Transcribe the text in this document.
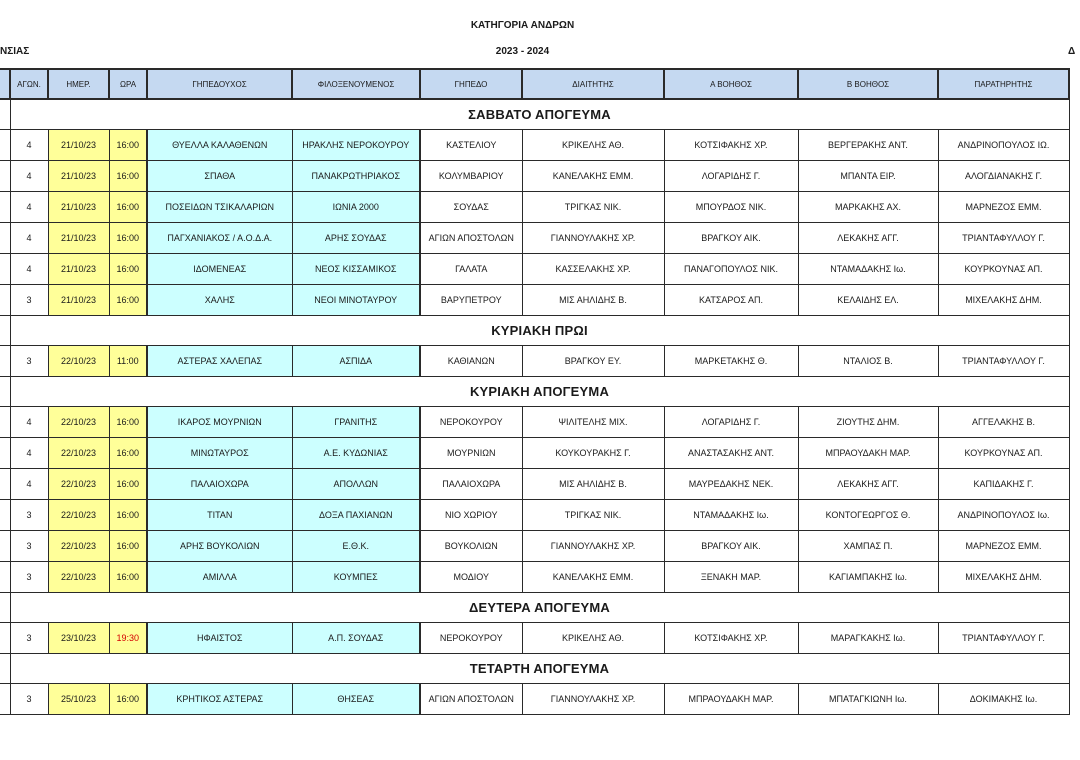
ΚΑΤΗΓΟΡΙΑ ΑΝΔΡΩΝ
ΝΣΙΑΣ	2023 - 2024	Δ
	ΑΓΩΝ.	ΗΜΕΡ.	ΩΡΑ	ΓΗΠΕΔΟΥΧΟΣ	ΦΙΛΟΞΕΝΟΥΜΕΝΟΣ	ΓΗΠΕΔΟ	ΔΙΑΙΤΗΤΗΣ	Α ΒΟΗΘΟΣ	Β ΒΟΗΘΟΣ	ΠΑΡΑΤΗΡΗΤΗΣ
	ΣΑΒΒΑΤΟ ΑΠΟΓΕΥΜΑ									
	4	21/10/23	16:00	ΘΥΕΛΛΑ ΚΑΛΑΘΕΝΩΝ	ΗΡΑΚΛΗΣ ΝΕΡΟΚΟΥΡΟΥ	ΚΑΣΤΕΛΙΟΥ	ΚΡΙΚΕΛΗΣ ΑΘ.	ΚΟΤΣΙΦΑΚΗΣ ΧΡ.	ΒΕΡΓΕΡΑΚΗΣ ΑΝΤ.	ΑΝΔΡΙΝΟΠΟΥΛΟΣ ΙΩ.
	4	21/10/23	16:00	ΣΠΑΘΑ	ΠΑΝΑΚΡΩΤΗΡΙΑΚΟΣ	ΚΟΛΥΜΒΑΡΙΟΥ	ΚΑΝΕΛΑΚΗΣ ΕΜΜ.	ΛΟΓΑΡΙΔΗΣ Γ.	ΜΠΑΝΤΑ ΕΙΡ.	ΑΛΟΓΔΙΑΝΑΚΗΣ Γ.
	4	21/10/23	16:00	ΠΟΣΕΙΔΩΝ ΤΣΙΚΑΛΑΡΙΩΝ	ΙΩΝΙΑ 2000	ΣΟΥΔΑΣ	ΤΡΙΓΚΑΣ ΝΙΚ.	ΜΠΟΥΡΔΟΣ ΝΙΚ.	ΜΑΡΚΑΚΗΣ ΑΧ.	ΜΑΡΝΕΖΟΣ ΕΜΜ.
	4	21/10/23	16:00	ΠΑΓΧΑΝΙΑΚΟΣ / Α.Ο.Δ.Α.	ΑΡΗΣ ΣΟΥΔΑΣ	ΑΓΙΩΝ ΑΠΟΣΤΟΛΩΝ	ΓΙΑΝΝΟΥΛΑΚΗΣ ΧΡ.	ΒΡΑΓΚΟΥ ΑΙΚ.	ΛΕΚΑΚΗΣ ΑΓΓ.	ΤΡΙΑΝΤΑΦΥΛΛΟΥ Γ.
	4	21/10/23	16:00	ΙΔΟΜΕΝΕΑΣ	ΝΕΟΣ ΚΙΣΣΑΜΙΚΟΣ	ΓΑΛΑΤΑ	ΚΑΣΣΕΛΑΚΗΣ ΧΡ.	ΠΑΝΑΓΟΠΟΥΛΟΣ ΝΙΚ.	ΝΤΑΜΑΔΑΚΗΣ Ιω.	ΚΟΥΡΚΟΥΝΑΣ ΑΠ.
	3	21/10/23	16:00	ΧΑΛΗΣ	ΝΕΟΙ ΜΙΝΟΤΑΥΡΟΥ	ΒΑΡΥΠΕΤΡΟΥ	ΜΙΣ ΑΗΛΙΔΗΣ Β.	ΚΑΤΣΑΡΟΣ ΑΠ.	ΚΕΛΑΙΔΗΣ ΕΛ.	ΜΙΧΕΛΑΚΗΣ ΔΗΜ.
	ΚΥΡΙΑΚΗ ΠΡΩΙ									
	3	22/10/23	11:00	ΑΣΤΕΡΑΣ ΧΑΛΕΠΑΣ	ΑΣΠΙΔΑ	ΚΑΘΙΑΝΩΝ	ΒΡΑΓΚΟΥ ΕΥ.	ΜΑΡΚΕΤΑΚΗΣ Θ.	ΝΤΑΛΙΟΣ Β.	ΤΡΙΑΝΤΑΦΥΛΛΟΥ Γ.
	ΚΥΡΙΑΚΗ ΑΠΟΓΕΥΜΑ									
	4	22/10/23	16:00	ΙΚΑΡΟΣ ΜΟΥΡΝΙΩΝ	ΓΡΑΝΙΤΗΣ	ΝΕΡΟΚΟΥΡΟΥ	ΨΙΛΙΤΕΛΗΣ ΜΙΧ.	ΛΟΓΑΡΙΔΗΣ Γ.	ΖΙΟΥΤΗΣ ΔΗΜ.	ΑΓΓΕΛΑΚΗΣ Β.
	4	22/10/23	16:00	ΜΙΝΩΤΑΥΡΟΣ	Α.Ε. ΚΥΔΩΝΙΑΣ	ΜΟΥΡΝΙΩΝ	ΚΟΥΚΟΥΡΑΚΗΣ Γ.	ΑΝΑΣΤΑΣΑΚΗΣ ΑΝΤ.	ΜΠΡΑΟΥΔΑΚΗ ΜΑΡ.	ΚΟΥΡΚΟΥΝΑΣ ΑΠ.
	4	22/10/23	16:00	ΠΑΛΑΙΟΧΩΡΑ	ΑΠΟΛΛΩΝ	ΠΑΛΑΙΟΧΩΡΑ	ΜΙΣ ΑΗΛΙΔΗΣ Β.	ΜΑΥΡΕΔΑΚΗΣ ΝΕΚ.	ΛΕΚΑΚΗΣ ΑΓΓ.	ΚΑΠΙΔΑΚΗΣ Γ.
	3	22/10/23	16:00	ΤΙΤΑΝ	ΔΟΞΑ ΠΑΧΙΑΝΩΝ	ΝΙΟ ΧΩΡΙΟΥ	ΤΡΙΓΚΑΣ ΝΙΚ.	ΝΤΑΜΑΔΑΚΗΣ Ιω.	ΚΟΝΤΟΓΕΩΡΓΟΣ Θ.	ΑΝΔΡΙΝΟΠΟΥΛΟΣ Ιω.
	3	22/10/23	16:00	ΑΡΗΣ ΒΟΥΚΟΛΙΩΝ	Ε.Θ.Κ.	ΒΟΥΚΟΛΙΩΝ	ΓΙΑΝΝΟΥΛΑΚΗΣ ΧΡ.	ΒΡΑΓΚΟΥ ΑΙΚ.	ΧΑΜΠΑΣ Π.	ΜΑΡΝΕΖΟΣ ΕΜΜ.
	3	22/10/23	16:00	ΑΜΙΛΛΑ	ΚΟΥΜΠΕΣ	ΜΟΔΙΟΥ	ΚΑΝΕΛΑΚΗΣ ΕΜΜ.	ΞΕΝΑΚΗ ΜΑΡ.	ΚΑΓΙΑΜΠΑΚΗΣ Ιω.	ΜΙΧΕΛΑΚΗΣ ΔΗΜ.
	ΔΕΥΤΕΡΑ ΑΠΟΓΕΥΜΑ									
	3	23/10/23	19:30	ΗΦΑΙΣΤΟΣ	Α.Π. ΣΟΥΔΑΣ	ΝΕΡΟΚΟΥΡΟΥ	ΚΡΙΚΕΛΗΣ ΑΘ.	ΚΟΤΣΙΦΑΚΗΣ ΧΡ.	ΜΑΡΑΓΚΑΚΗΣ Ιω.	ΤΡΙΑΝΤΑΦΥΛΛΟΥ Γ.
	ΤΕΤΑΡΤΗ ΑΠΟΓΕΥΜΑ									
	3	25/10/23	16:00	ΚΡΗΤΙΚΟΣ ΑΣΤΕΡΑΣ	ΘΗΣΕΑΣ	ΑΓΙΩΝ ΑΠΟΣΤΟΛΩΝ	ΓΙΑΝΝΟΥΛΑΚΗΣ ΧΡ.	ΜΠΡΑΟΥΔΑΚΗ ΜΑΡ.	ΜΠΑΤΑΓΚΙΩΝΗ Ιω.	ΔΟΚΙΜΑΚΗΣ Ιω.
